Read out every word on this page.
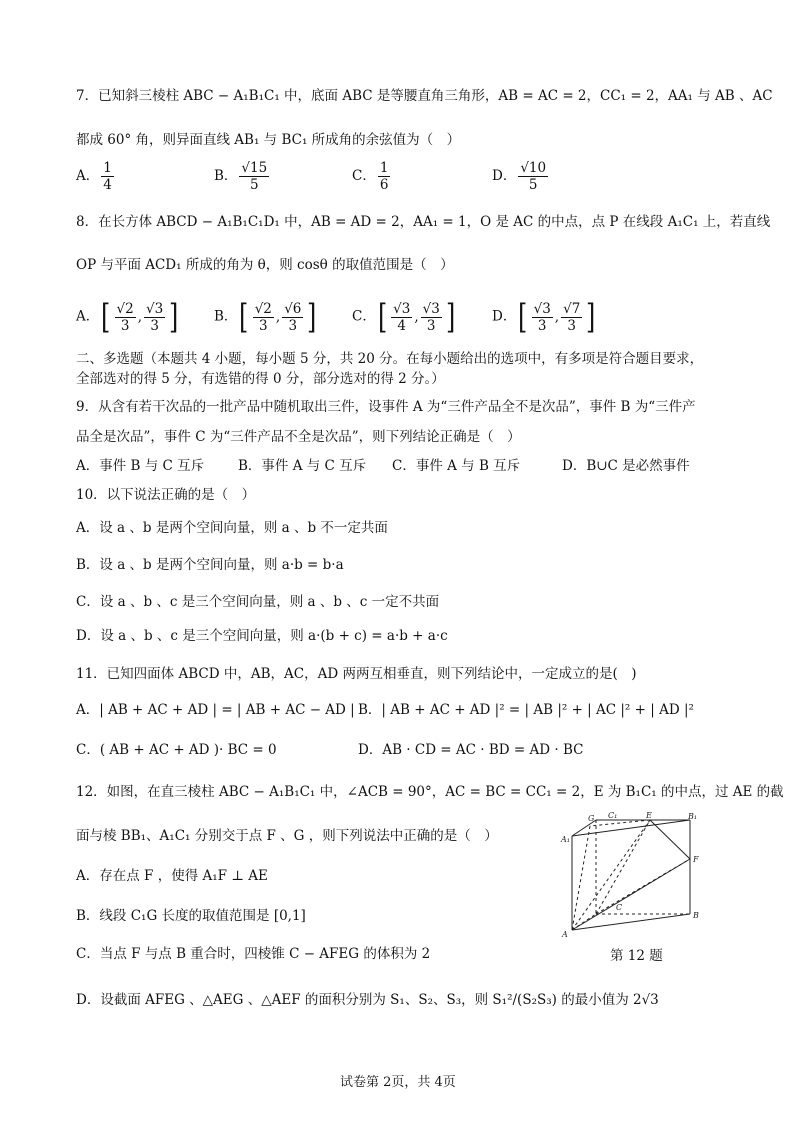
7．已知斜三棱柱 ABC − A₁B₁C₁ 中，底面 ABC 是等腰直角三角形，AB = AC = 2，CC₁ = 2，AA₁ 与 AB 、AC
都成 60° 角，则异面直线 AB₁ 与 BC₁ 所成角的余弦值为（　）
A． $\frac{1}{4}$	B． $\frac{√15}{5}$	C． $\frac{1}{6}$	D． $\frac{√10}{5}$
8．在长方体 ABCD − A₁B₁C₁D₁ 中，AB = AD = 2，AA₁ = 1，O 是 AC 的中点，点 P 在线段 A₁C₁ 上，若直线
OP 与平面 ACD₁ 所成的角为 θ，则 cosθ 的取值范围是（　）
A． [ $\frac{√2}{3}$ , $\frac{√3}{3}$ ]	B． [ $\frac{√2}{3}$ , $\frac{√6}{3}$ ]	C． [ $\frac{√3}{4}$ , $\frac{√3}{3}$ ]	D． [ $\frac{√3}{3}$ , $\frac{√7}{3}$ ]
二、多选题（本题共 4 小题，每小题 5 分，共 20 分。在每小题给出的选项中，有多项是符合题目要求，
全部选对的得 5 分，有选错的得 0 分，部分选对的得 2 分。）
9．从含有若干次品的一批产品中随机取出三件，设事件 A 为“三件产品全不是次品”，事件 B 为“三件产
品全是次品”，事件 C 为“三件产品不全是次品”，则下列结论正确是（　）
A．事件 B 与 C 互斥	B．事件 A 与 C 互斥 C．事件 A 与 B 互斥	D．B∪C 是必然事件
10．以下说法正确的是（　）
A．设 a 、b 是两个空间向量，则 a 、b 不一定共面
B．设 a 、b 是两个空间向量，则 a·b = b·a
C．设 a 、b 、c 是三个空间向量，则 a 、b 、c 一定不共面
D．设 a 、b 、c 是三个空间向量，则 a·(b + c) = a·b + a·c
11．已知四面体 ABCD 中，AB，AC，AD 两两互相垂直，则下列结论中，一定成立的是(　)
A．| AB + AC + AD | = | AB + AC − AD | B．| AB + AC + AD |² = | AB |² + | AC |² + | AD |²
C．( AB + AC + AD )· BC = 0	D．AB · CD = AC · BD = AD · BC
12．如图，在直三棱柱 ABC − A₁B₁C₁ 中，∠ACB = 90°，AC = BC = CC₁ = 2，E 为 B₁C₁ 的中点，过 AE 的截
面与棱 BB₁、A₁C₁ 分别交于点 F 、G ，则下列说法中正确的是（　）
A．存在点 F ，使得 A₁F ⊥ AE
B．线段 C₁G 长度的取值范围是 [0,1]
C．当点 F 与点 B 重合时，四棱锥 C − AFEG 的体积为 2
D．设截面 AFEG 、△AEG 、△AEF 的面积分别为 S₁、S₂、S₃，则 S₁²/(S₂S₃) 的最小值为 2√3
G C₁	E	B₁
A₁
F
C
B
A
第 12 题
试卷第 2页，共 4页
